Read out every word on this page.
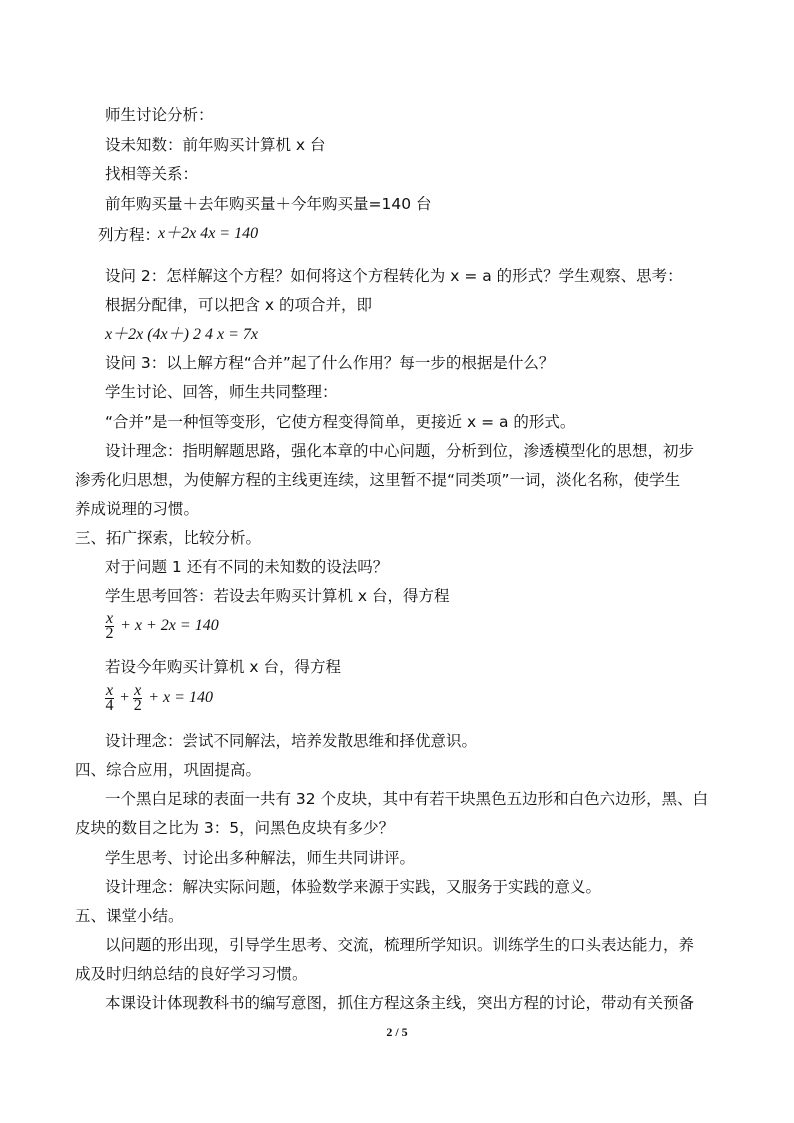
师生讨论分析：
设未知数：前年购买计算机 x 台
找相等关系：
前年购买量＋去年购买量＋今年购买量=140 台
列方程：
x＋2x 4x = 140
设问 2：怎样解这个方程？如何将这个方程转化为 x = a 的形式？学生观察、思考：
根据分配律，可以把含 x 的项合并，即
x＋2x (4x＋) 2 4 x = 7x
设问 3：以上解方程“合并”起了什么作用？每一步的根据是什么？
学生讨论、回答，师生共同整理：
“合并”是一种恒等变形，它使方程变得简单，更接近 x = a 的形式。
设计理念：指明解题思路，强化本章的中心问题，分析到位，渗透模型化的思想，初步
渗秀化归思想，为使解方程的主线更连续，这里暂不提“同类项”一词，淡化名称，使学生
养成说理的习惯。
三、拓广探索，比较分析。
对于问题 1 还有不同的未知数的设法吗？
学生思考回答：若设去年购买计算机 x 台，得方程
$\frac{x}{2} + x + 2x = 140$
若设今年购买计算机 x 台，得方程
$\frac{x}{4} + \frac{x}{2} + x = 140$
设计理念：尝试不同解法，培养发散思维和择优意识。
四、综合应用，巩固提高。
一个黑白足球的表面一共有 32 个皮块，其中有若干块黑色五边形和白色六边形，黑、白
皮块的数目之比为 3：5，问黑色皮块有多少？
学生思考、讨论出多种解法，师生共同讲评。
设计理念：解决实际问题，体验数学来源于实践，又服务于实践的意义。
五、课堂小结。
以问题的形出现，引导学生思考、交流，梳理所学知识。训练学生的口头表达能力，养
成及时归纳总结的良好学习习惯。
本课设计体现教科书的编写意图，抓住方程这条主线，突出方程的讨论，带动有关预备
2 / 5
